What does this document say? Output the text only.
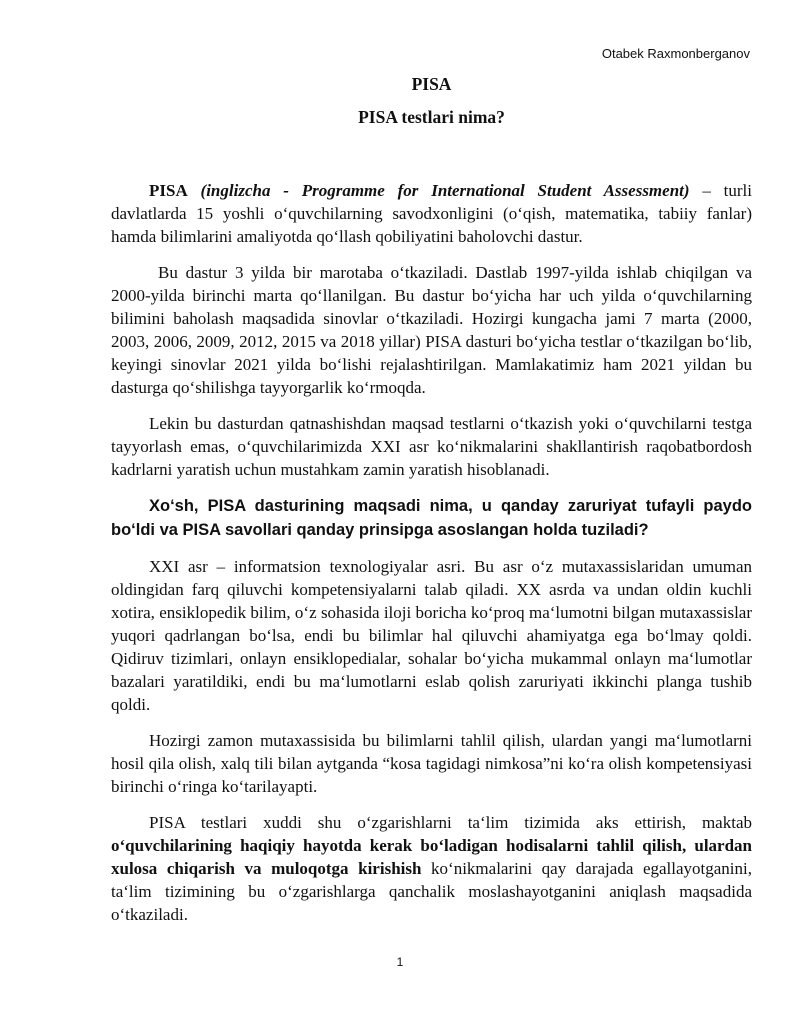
Otabek Raxmonberganov
PISA
PISA testlari nima?

PISA (inglizcha - Programme for International Student Assessment) – turli davlatlarda 15 yoshli o‘quvchilarning savodxonligini (o‘qish, matematika, tabiiy fanlar) hamda bilimlarini amaliyotda qo‘llash qobiliyatini baholovchi dastur.

Bu dastur 3 yilda bir marotaba o‘tkaziladi. Dastlab 1997-yilda ishlab chiqilgan va 2000-yilda birinchi marta qo‘llanilgan. Bu dastur bo‘yicha har uch yilda o‘quvchilarning bilimini baholash maqsadida sinovlar o‘tkaziladi. Hozirgi kungacha jami 7 marta (2000, 2003, 2006, 2009, 2012, 2015 va 2018 yillar) PISA dasturi bo‘yicha testlar o‘tkazilgan bo‘lib, keyingi sinovlar 2021 yilda bo‘lishi rejalashtirilgan. Mamlakatimiz ham 2021 yildan bu dasturga qo‘shilishga tayyorgarlik ko‘rmoqda.

Lekin bu dasturdan qatnashishdan maqsad testlarni o‘tkazish yoki o‘quvchilarni testga tayyorlash emas, o‘quvchilarimizda XXI asr ko‘nikmalarini shakllantirish raqobatbordosh kadrlarni yaratish uchun mustahkam zamin yaratish hisoblanadi.

Xo‘sh, PISA dasturining maqsadi nima, u qanday zaruriyat tufayli paydo bo‘ldi va PISA savollari qanday prinsipga asoslangan holda tuziladi?

XXI asr – informatsion texnologiyalar asri. Bu asr o‘z mutaxassislaridan umuman oldingidan farq qiluvchi kompetensiyalarni talab qiladi. XX asrda va undan oldin kuchli xotira, ensiklopedik bilim, o‘z sohasida iloji boricha ko‘proq ma‘lumotni bilgan mutaxassislar yuqori qadrlangan bo‘lsa, endi bu bilimlar hal qiluvchi ahamiyatga ega bo‘lmay qoldi. Qidiruv tizimlari, onlayn ensiklopedialar, sohalar bo‘yicha mukammal onlayn ma‘lumotlar bazalari yaratildiki, endi bu ma‘lumotlarni eslab qolish zaruriyati ikkinchi planga tushib qoldi.

Hozirgi zamon mutaxassisida bu bilimlarni tahlil qilish, ulardan yangi ma‘lumotlarni hosil qila olish, xalq tili bilan aytganda “kosa tagidagi nimkosa”ni ko‘ra olish kompetensiyasi birinchi o‘ringa ko‘tarilayapti.

PISA testlari xuddi shu o‘zgarishlarni ta‘lim tizimida aks ettirish, maktab o‘quvchilarining haqiqiy hayotda kerak bo‘ladigan hodisalarni tahlil qilish, ulardan xulosa chiqarish va muloqotga kirishish ko‘nikmalarini qay darajada egallayotganini, ta‘lim tizimining bu o‘zgarishlarga qanchalik moslashayotganini aniqlash maqsadida o‘tkaziladi.

1
